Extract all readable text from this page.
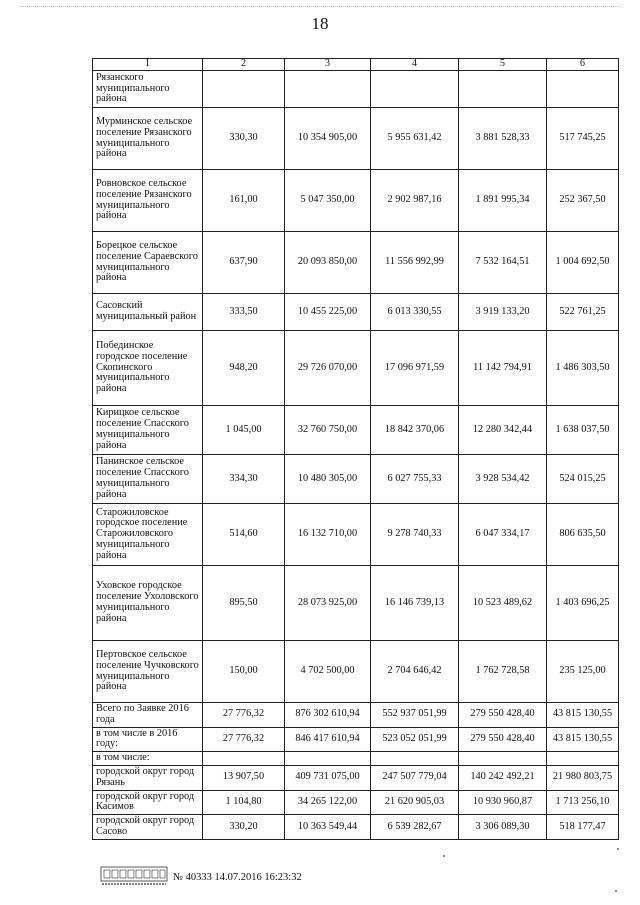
18
1	2	3	4	5	6
Рязанского муниципального района					
Мурминское сельское поселение Рязанского муниципального района	330,30	10 354 905,00	5 955 631,42	3 881 528,33	517 745,25
Ровновское сельское поселение Рязанского муниципального района	161,00	5 047 350,00	2 902 987,16	1 891 995,34	252 367,50
Борецкое сельское поселение Сараевского муниципального района	637,90	20 093 850,00	11 556 992,99	7 532 164,51	1 004 692,50
Сасовский муниципальный район	333,50	10 455 225,00	6 013 330,55	3 919 133,20	522 761,25
Побединское городское поселение Скопинского муниципального района	948,20	29 726 070,00	17 096 971,59	11 142 794,91	1 486 303,50
Кирицкое сельское поселение Спасского муниципального района	1 045,00	32 760 750,00	18 842 370,06	12 280 342,44	1 638 037,50
Панинское сельское поселение Спасского муниципального района	334,30	10 480 305,00	6 027 755,33	3 928 534,42	524 015,25
Старожиловское городское поселение Старожиловского муниципального района	514,60	16 132 710,00	9 278 740,33	6 047 334,17	806 635,50
Уховское городское поселение Ухоловского муниципального района	895,50	28 073 925,00	16 146 739,13	10 523 489,62	1 403 696,25
Пертовское сельское поселение Чучковского муниципального района	150,00	4 702 500,00	2 704 646,42	1 762 728,58	235 125,00
Всего по Заявке 2016 года	27 776,32	876 302 610,94	552 937 051,99	279 550 428,40	43 815 130,55
в том числе в 2016 году:	27 776,32	846 417 610,94	523 052 051,99	279 550 428,40	43 815 130,55
в том числе:					
городской округ город Рязань	13 907,50	409 731 075,00	247 507 779,04	140 242 492,21	21 980 803,75
городской округ город Касимов	1 104,80	34 265 122,00	21 620 905,03	10 930 960,87	1 713 256,10
городской округ город Сасово	330,20	10 363 549,44	6 539 282,67	3 306 089,30	518 177,47
№ 40333 14.07.2016 16:23:32
